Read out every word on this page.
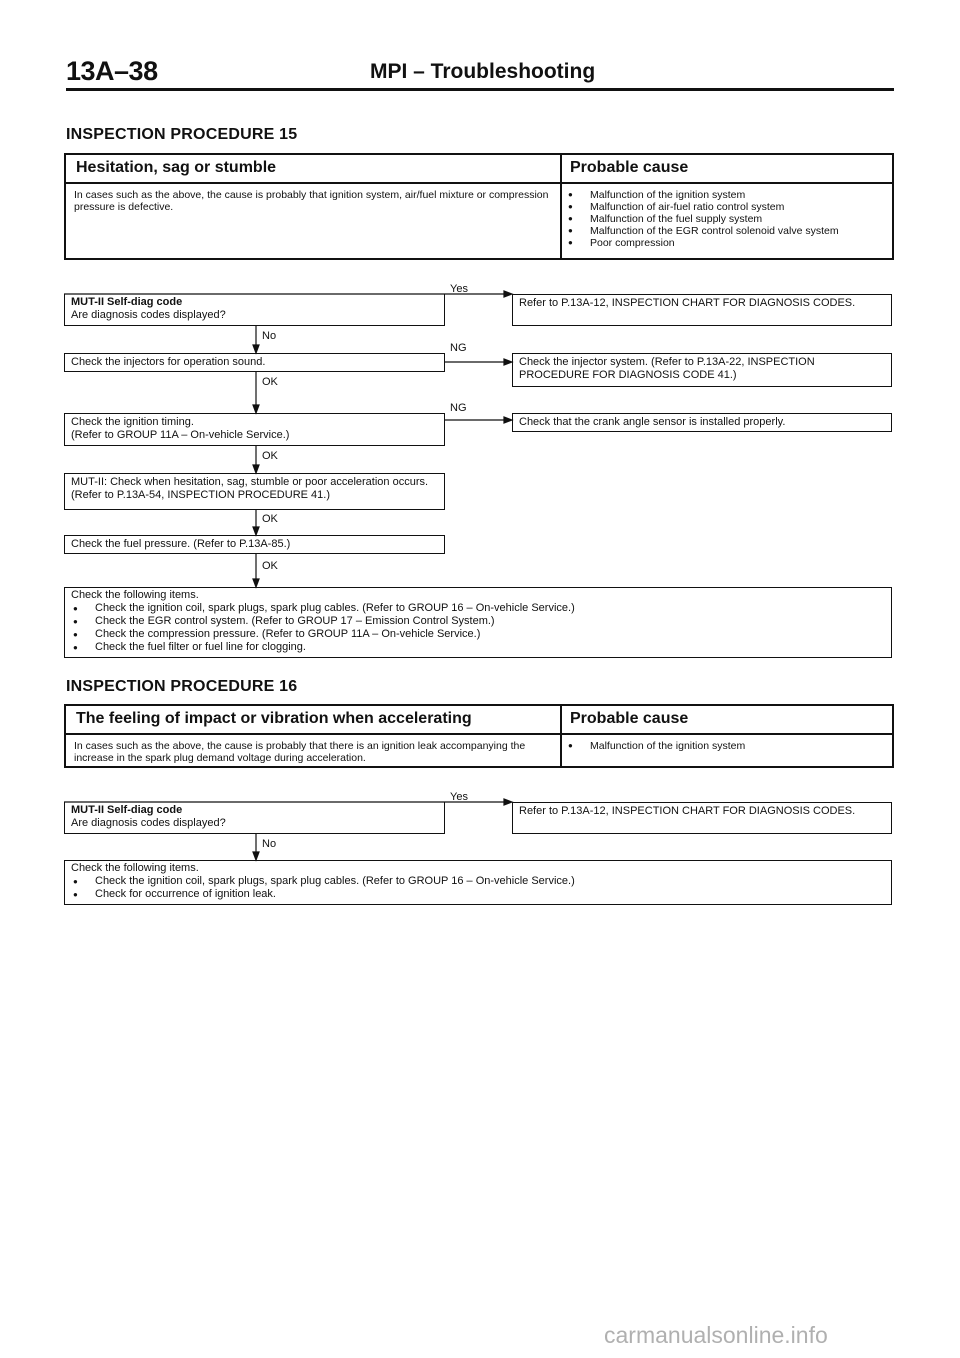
13A–38	MPI – Troubleshooting
INSPECTION PROCEDURE 15
Hesitation, sag or stumble	Probable cause
In cases such as the above, the cause is probably that ignition system, air/fuel mixture or compression pressure is defective.
● Malfunction of the ignition system
● Malfunction of air-fuel ratio control system
● Malfunction of the fuel supply system
● Malfunction of the EGR control solenoid valve system
● Poor compression
Yes
MUT-II Self-diag code
Are diagnosis codes displayed?
Refer to P.13A-12, INSPECTION CHART FOR DIAGNOSIS CODES.
No
NG
Check the injectors for operation sound.	Check the injector system. (Refer to P.13A-22, INSPECTION PROCEDURE FOR DIAGNOSIS CODE 41.)
OK
NG
Check the ignition timing.
(Refer to GROUP 11A – On-vehicle Service.)
Check that the crank angle sensor is installed properly.
OK
MUT-II: Check when hesitation, sag, stumble or poor acceleration occurs. (Refer to P.13A-54, INSPECTION PROCEDURE 41.)
OK
Check the fuel pressure. (Refer to P.13A-85.)
OK
Check the following items.
● Check the ignition coil, spark plugs, spark plug cables. (Refer to GROUP 16 – On-vehicle Service.)
● Check the EGR control system. (Refer to GROUP 17 – Emission Control System.)
● Check the compression pressure. (Refer to GROUP 11A – On-vehicle Service.)
● Check the fuel filter or fuel line for clogging.
INSPECTION PROCEDURE 16
The feeling of impact or vibration when accelerating	Probable cause
In cases such as the above, the cause is probably that there is an ignition leak accompanying the increase in the spark plug demand voltage during acceleration.
● Malfunction of the ignition system
Yes
MUT-II Self-diag code
Are diagnosis codes displayed?
Refer to P.13A-12, INSPECTION CHART FOR DIAGNOSIS CODES.
No
Check the following items.
● Check the ignition coil, spark plugs, spark plug cables. (Refer to GROUP 16 – On-vehicle Service.)
● Check for occurrence of ignition leak.
carmanualsonline.info
